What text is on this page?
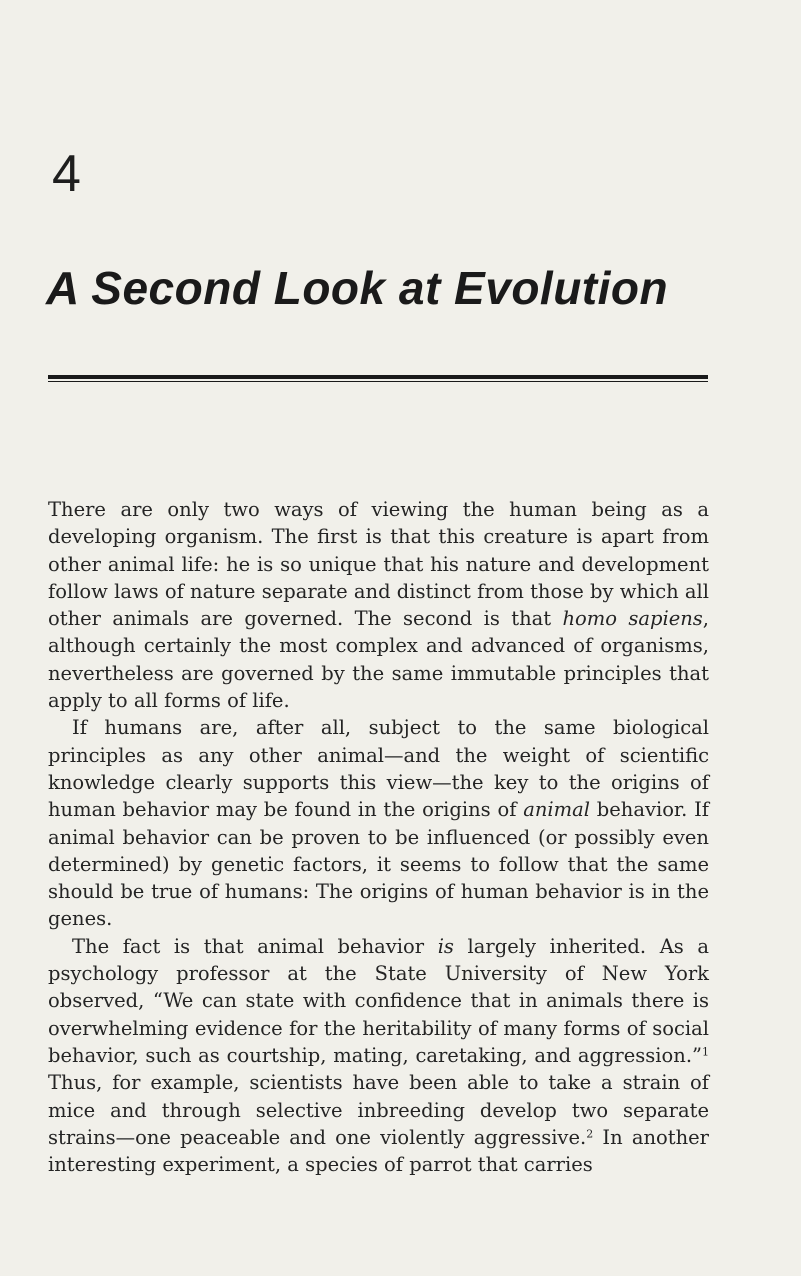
4
A Second Look at Evolution

There are only two ways of viewing the human being as a developing organism. The first is that this creature is apart from other animal life: he is so unique that his nature and development follow laws of nature separate and distinct from those by which all other animals are governed. The second is that homo sapiens, although certainly the most complex and advanced of organisms, nevertheless are governed by the same immutable principles that apply to all forms of life.

If humans are, after all, subject to the same biological principles as any other animal—and the weight of scientific knowledge clearly supports this view—the key to the origins of human behavior may be found in the origins of animal behavior. If animal behavior can be proven to be influenced (or possibly even determined) by genetic factors, it seems to follow that the same should be true of humans: The origins of human behavior is in the genes.

The fact is that animal behavior is largely inherited. As a psychology professor at the State University of New York observed, “We can state with confidence that in animals there is overwhelming evidence for the heritability of many forms of social behavior, such as courtship, mating, caretaking, and aggression.”$^1$ Thus, for example, scientists have been able to take a strain of mice and through selective inbreeding develop two separate strains—one peaceable and one violently aggressive.$^2$ In another interesting experiment, a species of parrot that carries
